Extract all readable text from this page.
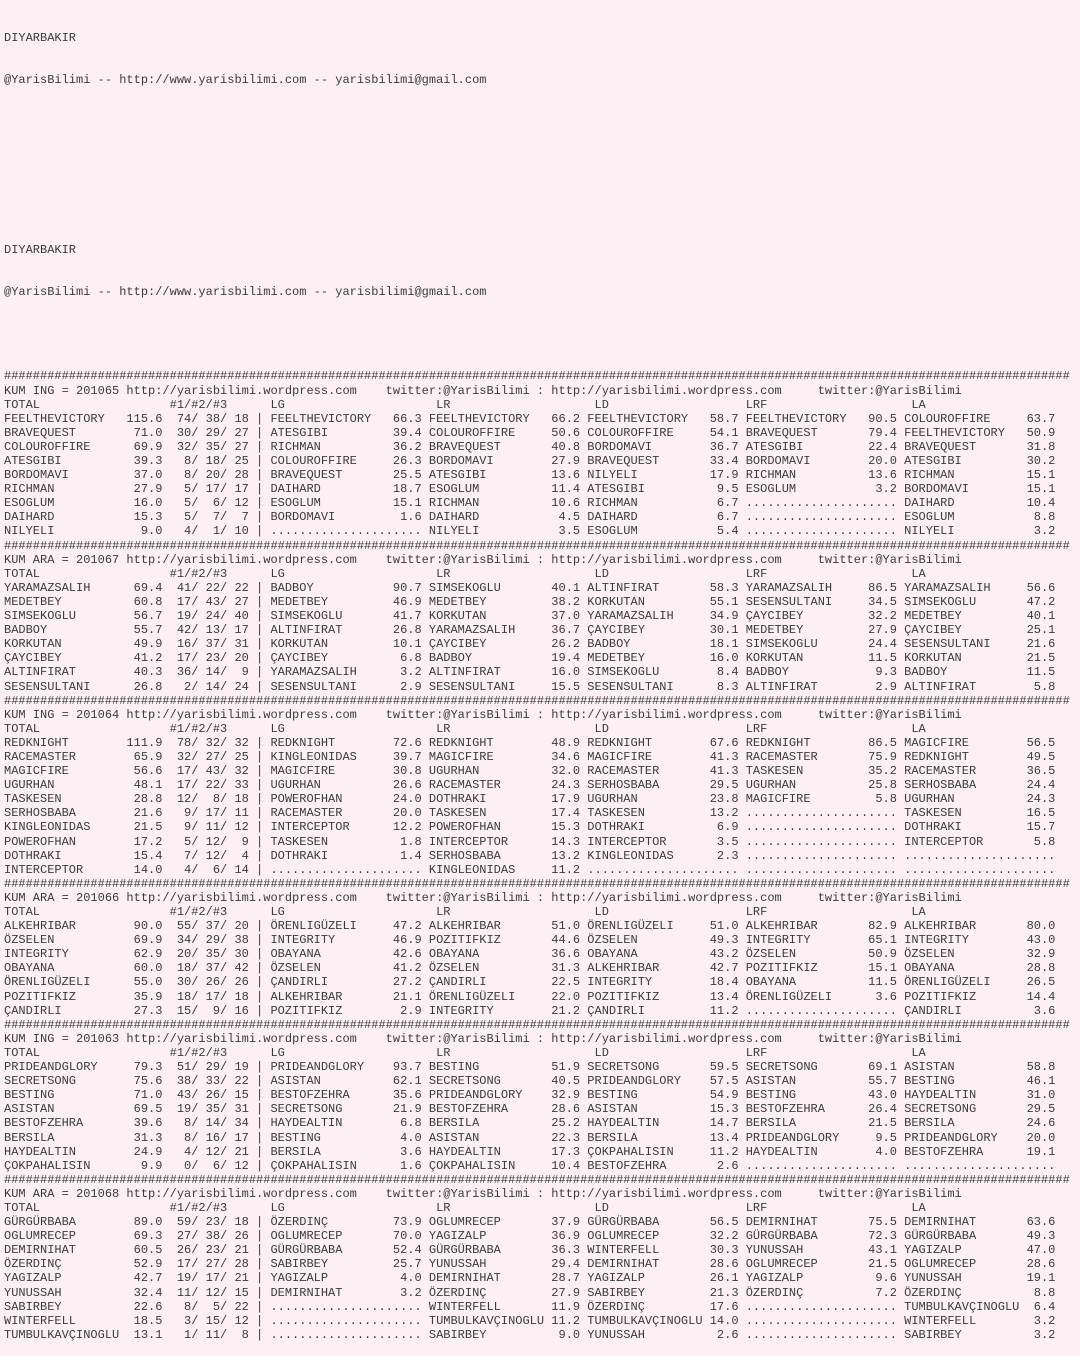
DIYARBAKIR

@YarisBilimi -- http://www.yarisbilimi.com -- yarisbilimi@gmail.com

DIYARBAKIR

@YarisBilimi -- http://www.yarisbilimi.com -- yarisbilimi@gmail.com

####################################################################################################################################################
KUM ING = 201065 http://yarisbilimi.wordpress.com    twitter:@YarisBilimi : http://yarisbilimi.wordpress.com     twitter:@YarisBilimi
TOTAL                  #1/#2/#3      LG                     LR                    LD                   LRF                    LA
FEELTHEVICTORY   115.6  74/ 38/ 18 | FEELTHEVICTORY   66.3 FEELTHEVICTORY   66.2 FEELTHEVICTORY   58.7 FEELTHEVICTORY   90.5 COLOUROFFIRE     63.7
BRAVEQUEST        71.0  30/ 29/ 27 | ATESGIBI         39.4 COLOUROFFIRE     50.6 COLOUROFFIRE     54.1 BRAVEQUEST       79.4 FEELTHEVICTORY   50.9
COLOUROFFIRE      69.9  32/ 35/ 27 | RICHMAN          36.2 BRAVEQUEST       40.8 BORDOMAVI        36.7 ATESGIBI         22.4 BRAVEQUEST       31.8
ATESGIBI          39.3   8/ 18/ 25 | COLOUROFFIRE     26.3 BORDOMAVI        27.9 BRAVEQUEST       33.4 BORDOMAVI        20.0 ATESGIBI         30.2
BORDOMAVI         37.0   8/ 20/ 28 | BRAVEQUEST       25.5 ATESGIBI         13.6 NILYELI          17.9 RICHMAN          13.6 RICHMAN          15.1
RICHMAN           27.9   5/ 17/ 17 | DAIHARD          18.7 ESOGLUM          11.4 ATESGIBI          9.5 ESOGLUM           3.2 BORDOMAVI        15.1
ESOGLUM           16.0   5/  6/ 12 | ESOGLUM          15.1 RICHMAN          10.6 RICHMAN           6.7 ..................... DAIHARD          10.4
DAIHARD           15.3   5/  7/  7 | BORDOMAVI         1.6 DAIHARD           4.5 DAIHARD           6.7 ..................... ESOGLUM           8.8
NILYELI            9.0   4/  1/ 10 | ..................... NILYELI           3.5 ESOGLUM           5.4 ..................... NILYELI           3.2
####################################################################################################################################################
KUM ARA = 201067 http://yarisbilimi.wordpress.com    twitter:@YarisBilimi : http://yarisbilimi.wordpress.com     twitter:@YarisBilimi
TOTAL                  #1/#2/#3      LG                     LR                    LD                   LRF                    LA
YARAMAZSALIH      69.4  41/ 22/ 22 | BADBOY           90.7 SIMSEKOGLU       40.1 ALTINFIRAT       58.3 YARAMAZSALIH     86.5 YARAMAZSALIH     56.6
MEDETBEY          60.8  17/ 43/ 27 | MEDETBEY         46.9 MEDETBEY         38.2 KORKUTAN         55.1 SESENSULTANI     34.5 SIMSEKOGLU       47.2
SIMSEKOGLU        56.7  19/ 24/ 40 | SIMSEKOGLU       41.7 KORKUTAN         37.0 YARAMAZSALIH     34.9 ÇAYCIBEY         32.2 MEDETBEY         40.1
BADBOY            55.7  42/ 13/ 17 | ALTINFIRAT       26.8 YARAMAZSALIH     36.7 ÇAYCIBEY         30.1 MEDETBEY         27.9 ÇAYCIBEY         25.1
KORKUTAN          49.9  16/ 37/ 31 | KORKUTAN         10.1 ÇAYCIBEY         26.2 BADBOY           18.1 SIMSEKOGLU       24.4 SESENSULTANI     21.6
ÇAYCIBEY          41.2  17/ 23/ 20 | ÇAYCIBEY          6.8 BADBOY           19.4 MEDETBEY         16.0 KORKUTAN         11.5 KORKUTAN         21.5
ALTINFIRAT        40.3  36/ 14/  9 | YARAMAZSALIH      3.2 ALTINFIRAT       16.0 SIMSEKOGLU        8.4 BADBOY            9.3 BADBOY           11.5
SESENSULTANI      26.8   2/ 14/ 24 | SESENSULTANI      2.9 SESENSULTANI     15.5 SESENSULTANI      8.3 ALTINFIRAT        2.9 ALTINFIRAT        5.8
####################################################################################################################################################
KUM ING = 201064 http://yarisbilimi.wordpress.com    twitter:@YarisBilimi : http://yarisbilimi.wordpress.com     twitter:@YarisBilimi
TOTAL                  #1/#2/#3      LG                     LR                    LD                   LRF                    LA
REDKNIGHT        111.9  78/ 32/ 32 | REDKNIGHT        72.6 REDKNIGHT        48.9 REDKNIGHT        67.6 REDKNIGHT        86.5 MAGICFIRE        56.5
RACEMASTER        65.9  32/ 27/ 25 | KINGLEONIDAS     39.7 MAGICFIRE        34.6 MAGICFIRE        41.3 RACEMASTER       75.9 REDKNIGHT        49.5
MAGICFIRE         56.6  17/ 43/ 32 | MAGICFIRE        30.8 UGURHAN          32.0 RACEMASTER       41.3 TASKESEN         35.2 RACEMASTER       36.5
UGURHAN           48.1  17/ 22/ 33 | UGURHAN          26.6 RACEMASTER       24.3 SERHOSBABA       29.5 UGURHAN          25.8 SERHOSBABA       24.4
TASKESEN          28.8  12/  8/ 18 | POWEROFHAN       24.0 DOTHRAKI         17.9 UGURHAN          23.8 MAGICFIRE         5.8 UGURHAN          24.3
SERHOSBABA        21.6   9/ 17/ 11 | RACEMASTER       20.0 TASKESEN         17.4 TASKESEN         13.2 ..................... TASKESEN         16.5
KINGLEONIDAS      21.5   9/ 11/ 12 | INTERCEPTOR      12.2 POWEROFHAN       15.3 DOTHRAKI          6.9 ..................... DOTHRAKI         15.7
POWEROFHAN        17.2   5/ 12/  9 | TASKESEN          1.8 INTERCEPTOR      14.3 INTERCEPTOR       3.5 ..................... INTERCEPTOR       5.8
DOTHRAKI          15.4   7/ 12/  4 | DOTHRAKI          1.4 SERHOSBABA       13.2 KINGLEONIDAS      2.3 ..................... .....................
INTERCEPTOR       14.0   4/  6/ 14 | ..................... KINGLEONIDAS     11.2 ..................... ..................... .....................
####################################################################################################################################################
KUM ARA = 201066 http://yarisbilimi.wordpress.com    twitter:@YarisBilimi : http://yarisbilimi.wordpress.com     twitter:@YarisBilimi
TOTAL                  #1/#2/#3      LG                     LR                    LD                   LRF                    LA
ALKEHRIBAR        90.0  55/ 37/ 20 | ÖRENLIGÜZELI     47.2 ALKEHRIBAR       51.0 ÖRENLIGÜZELI     51.0 ALKEHRIBAR       82.9 ALKEHRIBAR       80.0
ÖZSELEN           69.9  34/ 29/ 38 | INTEGRITY        46.9 POZITIFKIZ       44.6 ÖZSELEN          49.3 INTEGRITY        65.1 INTEGRITY        43.0
INTEGRITY         62.9  20/ 35/ 30 | OBAYANA          42.6 OBAYANA          36.6 OBAYANA          43.2 ÖZSELEN          50.9 ÖZSELEN          32.9
OBAYANA           60.0  18/ 37/ 42 | ÖZSELEN          41.2 ÖZSELEN          31.3 ALKEHRIBAR       42.7 POZITIFKIZ       15.1 OBAYANA          28.8
ÖRENLIGÜZELI      55.0  30/ 26/ 26 | ÇANDIRLI         27.2 ÇANDIRLI         22.5 INTEGRITY        18.4 OBAYANA          11.5 ÖRENLIGÜZELI     26.5
POZITIFKIZ        35.9  18/ 17/ 18 | ALKEHRIBAR       21.1 ÖRENLIGÜZELI     22.0 POZITIFKIZ       13.4 ÖRENLIGÜZELI      3.6 POZITIFKIZ       14.4
ÇANDIRLI          27.3  15/  9/ 16 | POZITIFKIZ        2.9 INTEGRITY        21.2 ÇANDIRLI         11.2 ..................... ÇANDIRLI          3.6
####################################################################################################################################################
KUM ING = 201063 http://yarisbilimi.wordpress.com    twitter:@YarisBilimi : http://yarisbilimi.wordpress.com     twitter:@YarisBilimi
TOTAL                  #1/#2/#3      LG                     LR                    LD                   LRF                    LA
PRIDEANDGLORY     79.3  51/ 29/ 19 | PRIDEANDGLORY    93.7 BESTING          51.9 SECRETSONG       59.5 SECRETSONG       69.1 ASISTAN          58.8
SECRETSONG        75.6  38/ 33/ 22 | ASISTAN          62.1 SECRETSONG       40.5 PRIDEANDGLORY    57.5 ASISTAN          55.7 BESTING          46.1
BESTING           71.0  43/ 26/ 15 | BESTOFZEHRA      35.6 PRIDEANDGLORY    32.9 BESTING          54.9 BESTING          43.0 HAYDEALTIN       31.0
ASISTAN           69.5  19/ 35/ 31 | SECRETSONG       21.9 BESTOFZEHRA      28.6 ASISTAN          15.3 BESTOFZEHRA      26.4 SECRETSONG       29.5
BESTOFZEHRA       39.6   8/ 14/ 34 | HAYDEALTIN        6.8 BERSILA          25.2 HAYDEALTIN       14.7 BERSILA          21.5 BERSILA          24.6
BERSILA           31.3   8/ 16/ 17 | BESTING           4.0 ASISTAN          22.3 BERSILA          13.4 PRIDEANDGLORY     9.5 PRIDEANDGLORY    20.0
HAYDEALTIN        24.9   4/ 12/ 21 | BERSILA           3.6 HAYDEALTIN       17.3 ÇOKPAHALISIN     11.2 HAYDEALTIN        4.0 BESTOFZEHRA      19.1
ÇOKPAHALISIN       9.9   0/  6/ 12 | ÇOKPAHALISIN      1.6 ÇOKPAHALISIN     10.4 BESTOFZEHRA       2.6 ..................... .....................
####################################################################################################################################################
KUM ARA = 201068 http://yarisbilimi.wordpress.com    twitter:@YarisBilimi : http://yarisbilimi.wordpress.com     twitter:@YarisBilimi
TOTAL                  #1/#2/#3      LG                     LR                    LD                   LRF                    LA
GÜRGÜRBABA        89.0  59/ 23/ 18 | ÖZERDINÇ         73.9 OGLUMRECEP       37.9 GÜRGÜRBABA       56.5 DEMIRNIHAT       75.5 DEMIRNIHAT       63.6
OGLUMRECEP        69.3  27/ 38/ 26 | OGLUMRECEP       70.0 YAGIZALP         36.9 OGLUMRECEP       32.2 GÜRGÜRBABA       72.3 GÜRGÜRBABA       49.3
DEMIRNIHAT        60.5  26/ 23/ 21 | GÜRGÜRBABA       52.4 GÜRGÜRBABA       36.3 WINTERFELL       30.3 YUNUSSAH         43.1 YAGIZALP         47.0
ÖZERDINÇ          52.9  17/ 27/ 28 | SABIRBEY         25.7 YUNUSSAH         29.4 DEMIRNIHAT       28.6 OGLUMRECEP       21.5 OGLUMRECEP       28.6
YAGIZALP          42.7  19/ 17/ 21 | YAGIZALP          4.0 DEMIRNIHAT       28.7 YAGIZALP         26.1 YAGIZALP          9.6 YUNUSSAH         19.1
YUNUSSAH          32.4  11/ 12/ 15 | DEMIRNIHAT        3.2 ÖZERDINÇ         27.9 SABIRBEY         21.3 ÖZERDINÇ          7.2 ÖZERDINÇ          8.8
SABIRBEY          22.6   8/  5/ 22 | ..................... WINTERFELL       11.9 ÖZERDINÇ         17.6 ..................... TUMBULKAVÇINOGLU  6.4
WINTERFELL        18.5   3/ 15/ 12 | ..................... TUMBULKAVÇINOGLU 11.2 TUMBULKAVÇINOGLU 14.0 ..................... WINTERFELL        3.2
TUMBULKAVÇINOGLU  13.1   1/ 11/  8 | ..................... SABIRBEY          9.0 YUNUSSAH          2.6 ..................... SABIRBEY          3.2
